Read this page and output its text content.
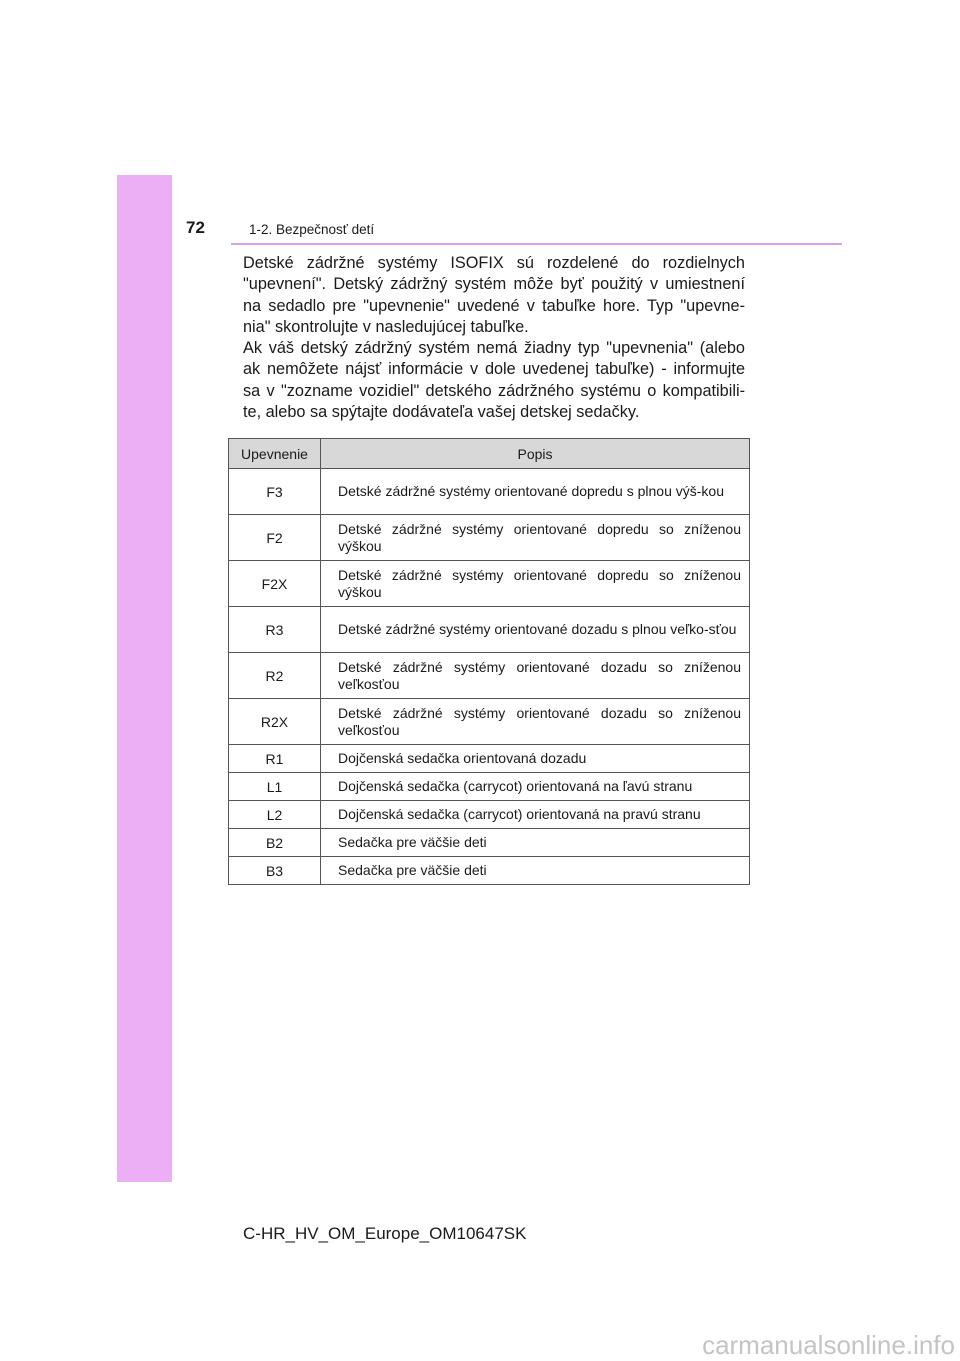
72	1-2. Bezpečnosť detí

Detské zádržné systémy ISOFIX sú rozdelené do rozdielnych "upevnení". Detský zádržný systém môže byť použitý v umiestnení na sedadlo pre "upevnenie" uvedené v tabuľke hore. Typ "upevne-nia" skontrolujte v nasledujúcej tabuľke.

Ak váš detský zádržný systém nemá žiadny typ "upevnenia" (alebo ak nemôžete nájsť informácie v dole uvedenej tabuľke) - informujte sa v "zozname vozidiel" detského zádržného systému o kompatibili-te, alebo sa spýtajte dodávateľa vašej detskej sedačky.

Upevnenie	Popis
F3	Detské zádržné systémy orientované dopredu s plnou výš-kou
F2	Detské zádržné systémy orientované dopredu so zníženou výškou
F2X	Detské zádržné systémy orientované dopredu so zníženou výškou
R3	Detské zádržné systémy orientované dozadu s plnou veľko-sťou
R2	Detské zádržné systémy orientované dozadu so zníženou veľkosťou
R2X	Detské zádržné systémy orientované dozadu so zníženou veľkosťou
R1	Dojčenská sedačka orientovaná dozadu
L1	Dojčenská sedačka (carrycot) orientovaná na ľavú stranu
L2	Dojčenská sedačka (carrycot) orientovaná na pravú stranu
B2	Sedačka pre väčšie deti
B3	Sedačka pre väčšie deti
C-HR_HV_OM_Europe_OM10647SK
carmanualsonline.info
